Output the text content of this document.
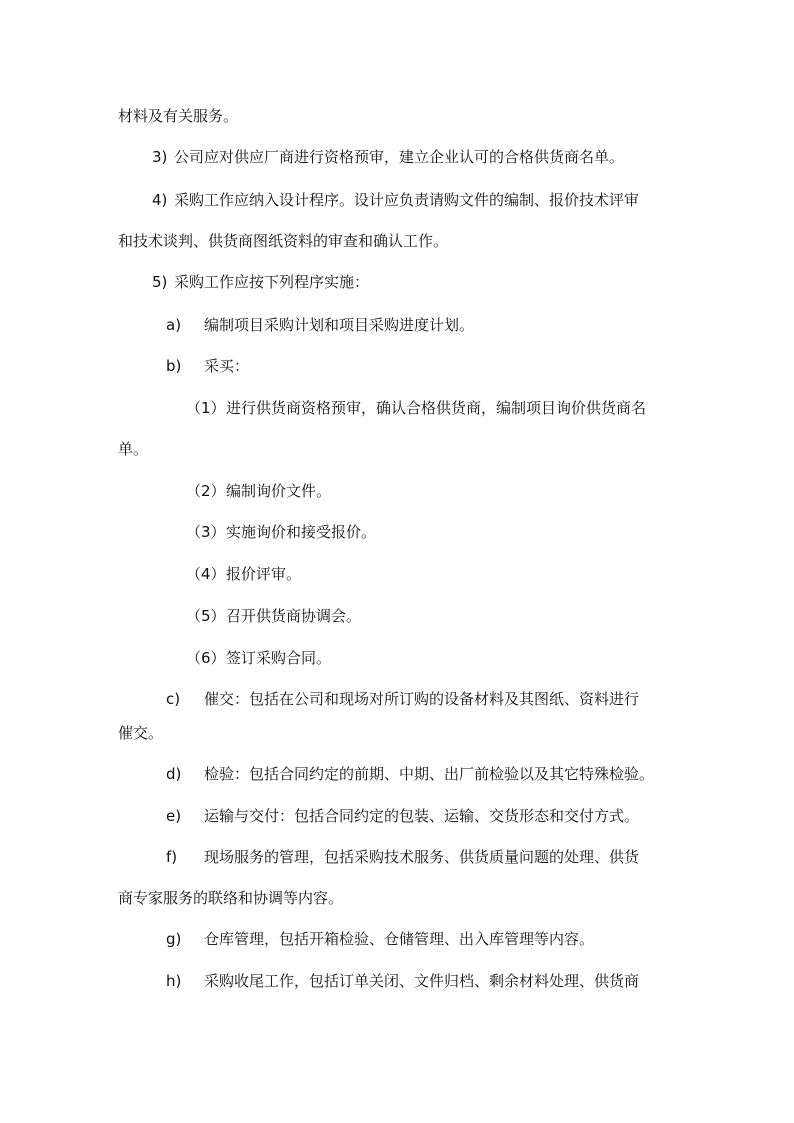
材料及有关服务。
3) 公司应对供应厂商进行资格预审，建立企业认可的合格供货商名单。
4) 采购工作应纳入设计程序。设计应负责请购文件的编制、报价技术评审
和技术谈判、供货商图纸资料的审查和确认工作。
5) 采购工作应按下列程序实施：
a) 编制项目采购计划和项目采购进度计划。
b) 采买：
（1）进行供货商资格预审，确认合格供货商，编制项目询价供货商名
单。
（2）编制询价文件。
（3）实施询价和接受报价。
（4）报价评审。
（5）召开供货商协调会。
（6）签订采购合同。
c) 催交：包括在公司和现场对所订购的设备材料及其图纸、资料进行
催交。
d) 检验：包括合同约定的前期、中期、出厂前检验以及其它特殊检验。
e) 运输与交付：包括合同约定的包装、运输、交货形态和交付方式。
f) 现场服务的管理，包括采购技术服务、供货质量问题的处理、供货
商专家服务的联络和协调等内容。
g) 仓库管理，包括开箱检验、仓储管理、出入库管理等内容。
h) 采购收尾工作，包括订单关闭、文件归档、剩余材料处理、供货商
